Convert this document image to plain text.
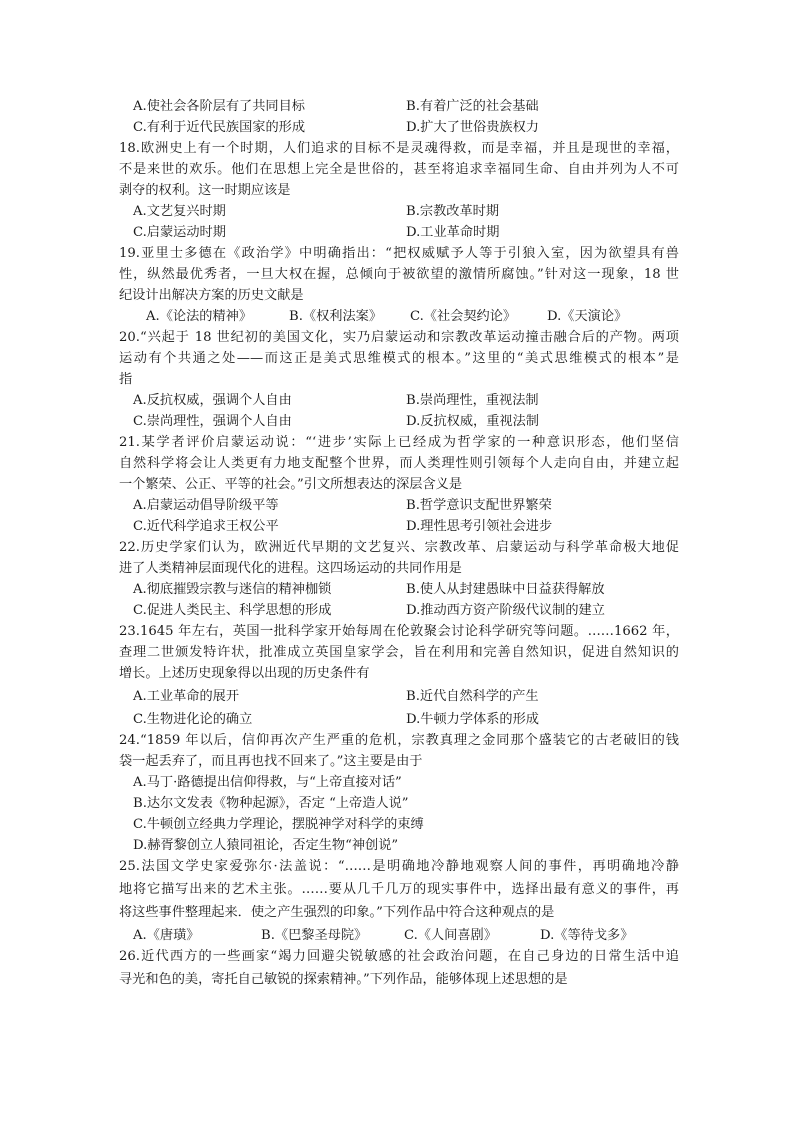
A.使社会各阶层有了共同目标	B.有着广泛的社会基础
C.有利于近代民族国家的形成	D.扩大了世俗贵族权力
18.欧洲史上有一个时期，人们追求的目标不是灵魂得救，而是幸福，并且是现世的幸福，
不是来世的欢乐。他们在思想上完全是世俗的，甚至将追求幸福同生命、自由并列为人不可
剥夺的权利。这一时期应该是
A.文艺复兴时期	B.宗教改革时期
C.启蒙运动时期	D.工业革命时期
19.亚里士多德在《政治学》中明确指出：“把权威赋予人等于引狼入室，因为欲望具有兽
性，纵然最优秀者，一旦大权在握，总倾向于被欲望的激情所腐蚀。”针对这一现象，18 世
纪设计出解决方案的历史文献是
A.《论法的精神》	B.《权利法案》 C.《社会契约论》 D.《天演论》
20.“兴起于 18 世纪初的美国文化，实乃启蒙运动和宗教改革运动撞击融合后的产物。两项
运动有个共通之处——而这正是美式思维模式的根本。”这里的“美式思维模式的根本”是
指
A.反抗权威，强调个人自由	B.崇尚理性，重视法制
C.崇尚理性，强调个人自由	D.反抗权威，重视法制
21.某学者评价启蒙运动说：“‘进步’实际上已经成为哲学家的一种意识形态，他们坚信
自然科学将会让人类更有力地支配整个世界，而人类理性则引领每个人走向自由，并建立起
一个繁荣、公正、平等的社会。”引文所想表达的深层含义是
A.启蒙运动倡导阶级平等	B.哲学意识支配世界繁荣
C.近代科学追求王权公平	D.理性思考引领社会进步
22.历史学家们认为，欧洲近代早期的文艺复兴、宗教改革、启蒙运动与科学革命极大地促
进了人类精神层面现代化的进程。这四场运动的共同作用是
A.彻底摧毁宗教与迷信的精神枷锁	B.使人从封建愚昧中日益获得解放
C.促进人类民主、科学思想的形成	D.推动西方资产阶级代议制的建立
23.1645 年左右，英国一批科学家开始每周在伦敦聚会讨论科学研究等问题。……1662 年，
查理二世颁发特许状，批准成立英国皇家学会，旨在利用和完善自然知识，促进自然知识的
增长。上述历史现象得以出现的历史条件有
A.工业革命的展开	B.近代自然科学的产生
C.生物进化论的确立	D.牛顿力学体系的形成
24.“1859 年以后，信仰再次产生严重的危机，宗教真理之金同那个盛装它的古老破旧的钱
袋一起丢弃了，而且再也找不回来了。”这主要是由于
A.马丁·路德提出信仰得救，与“上帝直接对话”
B.达尔文发表《物种起源》，否定 “上帝造人说”
C.牛顿创立经典力学理论，摆脱神学对科学的束缚
D.赫胥黎创立人猿同祖论，否定生物“神创说”
25.法国文学史家爱弥尔·法盖说：“……是明确地冷静地观察人间的事件，再明确地冷静
地将它描写出来的艺术主张。……要从几千几万的现实事件中，选择出最有意义的事件，再
将这些事件整理起来．使之产生强烈的印象。”下列作品中符合这种观点的是
A.《唐璜》	B.《巴黎圣母院》	C.《人间喜剧》	D.《等待戈多》
26.近代西方的一些画家“竭力回避尖锐敏感的社会政治问题，在自己身边的日常生活中追
寻光和色的美，寄托自己敏锐的探索精神。”下列作品，能够体现上述思想的是
